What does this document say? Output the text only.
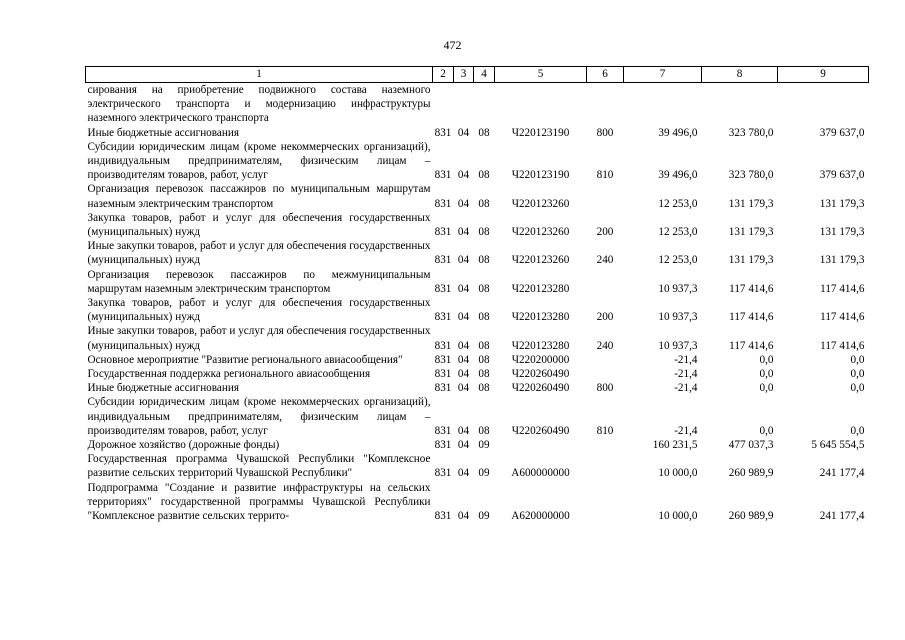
472
1	2	3	4	5	6	7	8	9
сирования на приобретение подвижного состава наземного электрического транспорта и модернизацию инфраструктуры наземного электрического транспорта								
Иные бюджетные ассигнования	831	04	08	Ч220123190	800	39 496,0	323 780,0	379 637,0
Субсидии юридическим лицам (кроме некоммерческих организаций), индивидуальным предпринимателям, физическим лицам – производителям товаров, работ, услуг	831	04	08	Ч220123190	810	39 496,0	323 780,0	379 637,0
Организация перевозок пассажиров по муниципальным маршрутам наземным электрическим транспортом	831	04	08	Ч220123260		12 253,0	131 179,3	131 179,3
Закупка товаров, работ и услуг для обеспечения государственных (муниципальных) нужд	831	04	08	Ч220123260	200	12 253,0	131 179,3	131 179,3
Иные закупки товаров, работ и услуг для обеспечения государственных (муниципальных) нужд	831	04	08	Ч220123260	240	12 253,0	131 179,3	131 179,3
Организация перевозок пассажиров по межмуниципальным маршрутам наземным электрическим транспортом	831	04	08	Ч220123280		10 937,3	117 414,6	117 414,6
Закупка товаров, работ и услуг для обеспечения государственных (муниципальных) нужд	831	04	08	Ч220123280	200	10 937,3	117 414,6	117 414,6
Иные закупки товаров, работ и услуг для обеспечения государственных (муниципальных) нужд	831	04	08	Ч220123280	240	10 937,3	117 414,6	117 414,6
Основное мероприятие "Развитие регионального авиасообщения"	831	04	08	Ч220200000		-21,4	0,0	0,0
Государственная поддержка регионального авиасообщения	831	04	08	Ч220260490		-21,4	0,0	0,0
Иные бюджетные ассигнования	831	04	08	Ч220260490	800	-21,4	0,0	0,0
Субсидии юридическим лицам (кроме некоммерческих организаций), индивидуальным предпринимателям, физическим лицам – производителям товаров, работ, услуг	831	04	08	Ч220260490	810	-21,4	0,0	0,0
Дорожное хозяйство (дорожные фонды)	831	04	09			160 231,5	477 037,3	5 645 554,5
Государственная программа Чувашской Республики "Комплексное развитие сельских территорий Чувашской Республики"	831	04	09	А600000000		10 000,0	260 989,9	241 177,4
Подпрограмма "Создание и развитие инфраструктуры на сельских территориях" государственной программы Чувашской Республики "Комплексное развитие сельских террито-	831	04	09	А620000000		10 000,0	260 989,9	241 177,4
